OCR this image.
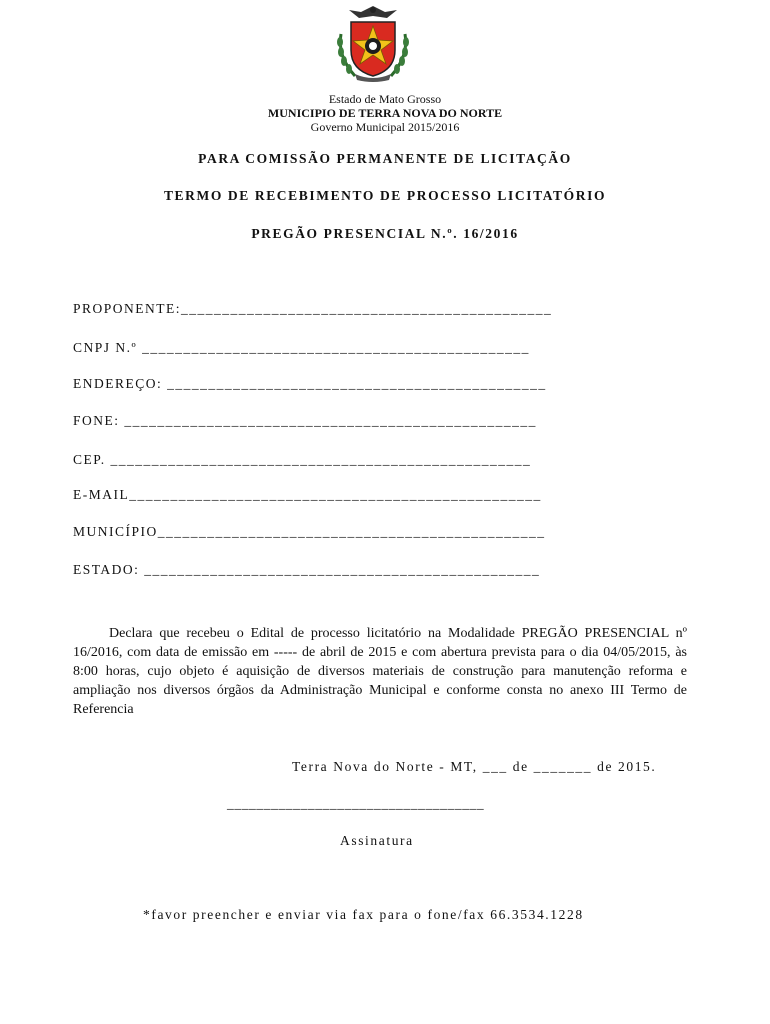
Estado de Mato Grosso
MUNICIPIO DE TERRA NOVA DO NORTE
Governo Municipal 2015/2016
PARA COMISSÃO PERMANENTE DE LICITAÇÃO
TERMO DE RECEBIMENTO DE PROCESSO LICITATÓRIO
PREGÃO PRESENCIAL N.º. 16/2016
PROPONENTE:_____________________________________________
CNPJ N.º _______________________________________________
ENDEREÇO: ______________________________________________
FONE: __________________________________________________
CEP. ___________________________________________________
E-MAIL__________________________________________________
MUNICÍPIO_______________________________________________
ESTADO: ________________________________________________
Declara que recebeu o Edital de processo licitatório na Modalidade PREGÃO PRESENCIAL nº 16/2016, com data de emissão em ----- de abril de 2015 e com abertura prevista para o dia 04/05/2015, às 8:00 horas, cujo objeto é aquisição de diversos materiais de construção para manutenção reforma e ampliação nos diversos órgãos da Administração Municipal e conforme consta no anexo III Termo de Referencia
Terra Nova do Norte - MT, ___ de _______ de 2015.
___________________________________
Assinatura
*favor preencher e enviar via fax para o fone/fax 66.3534.1228
